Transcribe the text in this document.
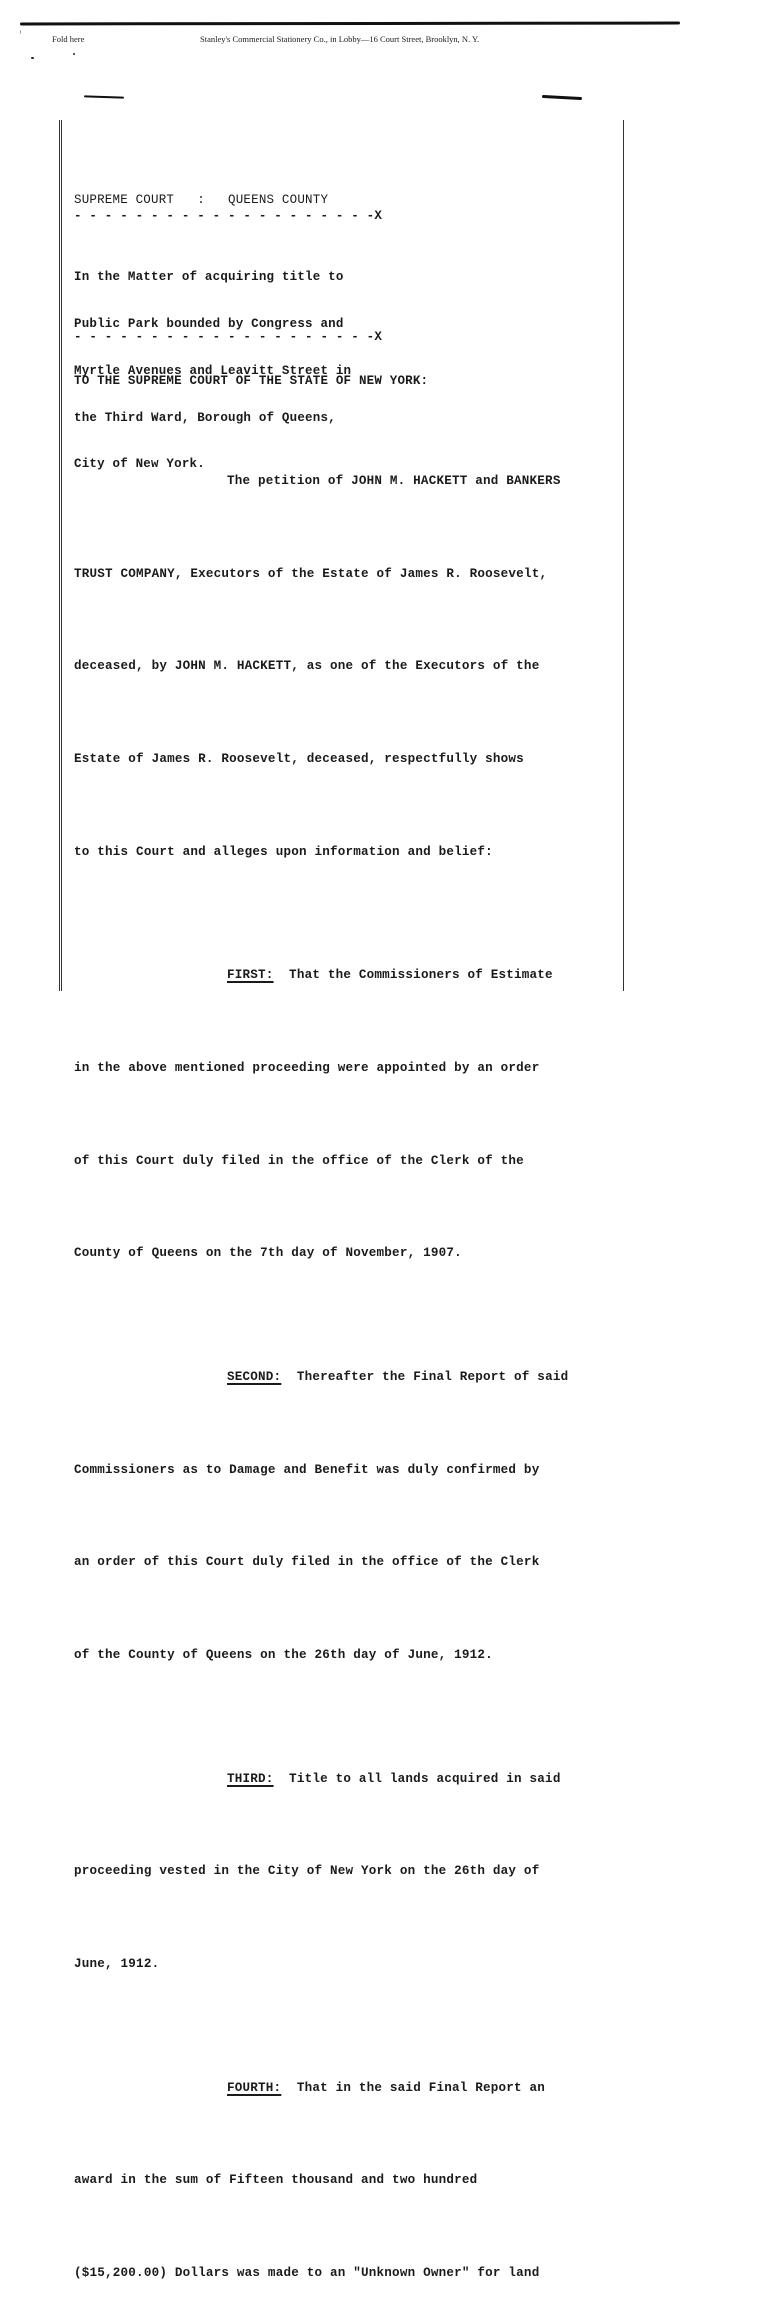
Fold here	Stanley's Commercial Stationery Co., in Lobby—16 Court Street, Brooklyn, N. Y.
SUPREME COURT   :   QUEENS COUNTY
- - - - - - - - - - - - - - - - - - - -X

In the Matter of acquiring title to

Public Park bounded by Congress and

Myrtle Avenues and Leavitt Street in

the Third Ward, Borough of Queens,

City of New York.

- - - - - - - - - - - - - - - - - - - -X
TO THE SUPREME COURT OF THE STATE OF NEW YORK:

The petition of JOHN M. HACKETT and BANKERS

TRUST COMPANY, Executors of the Estate of James R. Roosevelt,

deceased, by JOHN M. HACKETT, as one of the Executors of the

Estate of James R. Roosevelt, deceased, respectfully shows

to this Court and alleges upon information and belief:

FIRST:  That the Commissioners of Estimate

in the above mentioned proceeding were appointed by an order

of this Court duly filed in the office of the Clerk of the

County of Queens on the 7th day of November, 1907.

SECOND:  Thereafter the Final Report of said

Commissioners as to Damage and Benefit was duly confirmed by

an order of this Court duly filed in the office of the Clerk

of the County of Queens on the 26th day of June, 1912.

THIRD:  Title to all lands acquired in said

proceeding vested in the City of New York on the 26th day of

June, 1912.

FOURTH:  That in the said Final Report an

award in the sum of Fifteen thousand and two hundred

($15,200.00) Dollars was made to an "Unknown Owner" for land
